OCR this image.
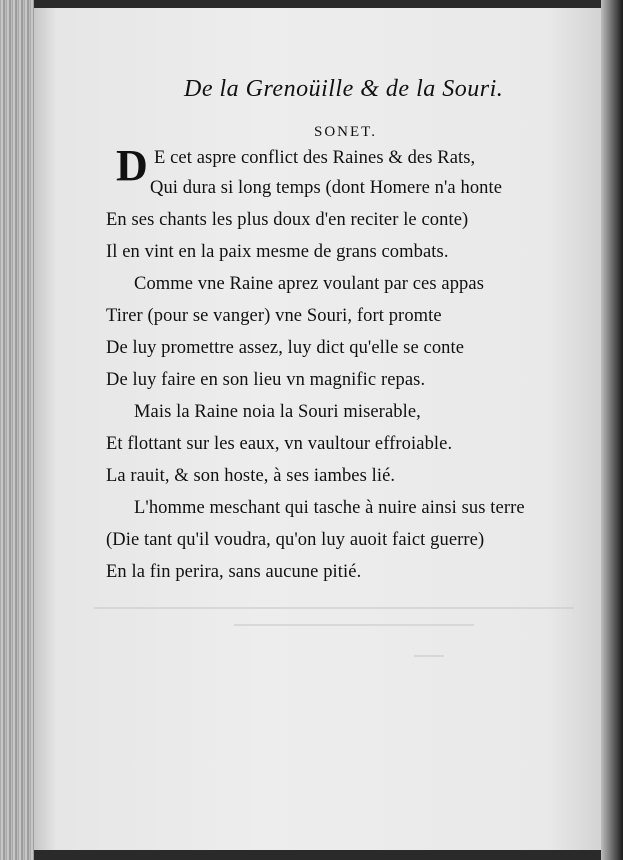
De la Grenoüille & de la Souri.
SONET.
D E cet aspre conflict des Raines & des Rats,
Qui dura si long temps (dont Homere n'a honte
En ses chants les plus doux d'en reciter le conte)
Il en vint en la paix mesme de grans combats.
Comme vne Raine aprez voulant par ces appas
Tirer (pour se vanger) vne Souri, fort promte
De luy promettre assez, luy dict qu'elle se conte
De luy faire en son lieu vn magnific repas.
Mais la Raine noia la Souri miserable,
Et flottant sur les eaux, vn vaultour effroiable.
La rauit, & son hoste, à ses iambes lié.
L'homme meschant qui tasche à nuire ainsi sus terre
(Die tant qu'il voudra, qu'on luy auoit faict guerre)
En la fin perira, sans aucune pitié.
